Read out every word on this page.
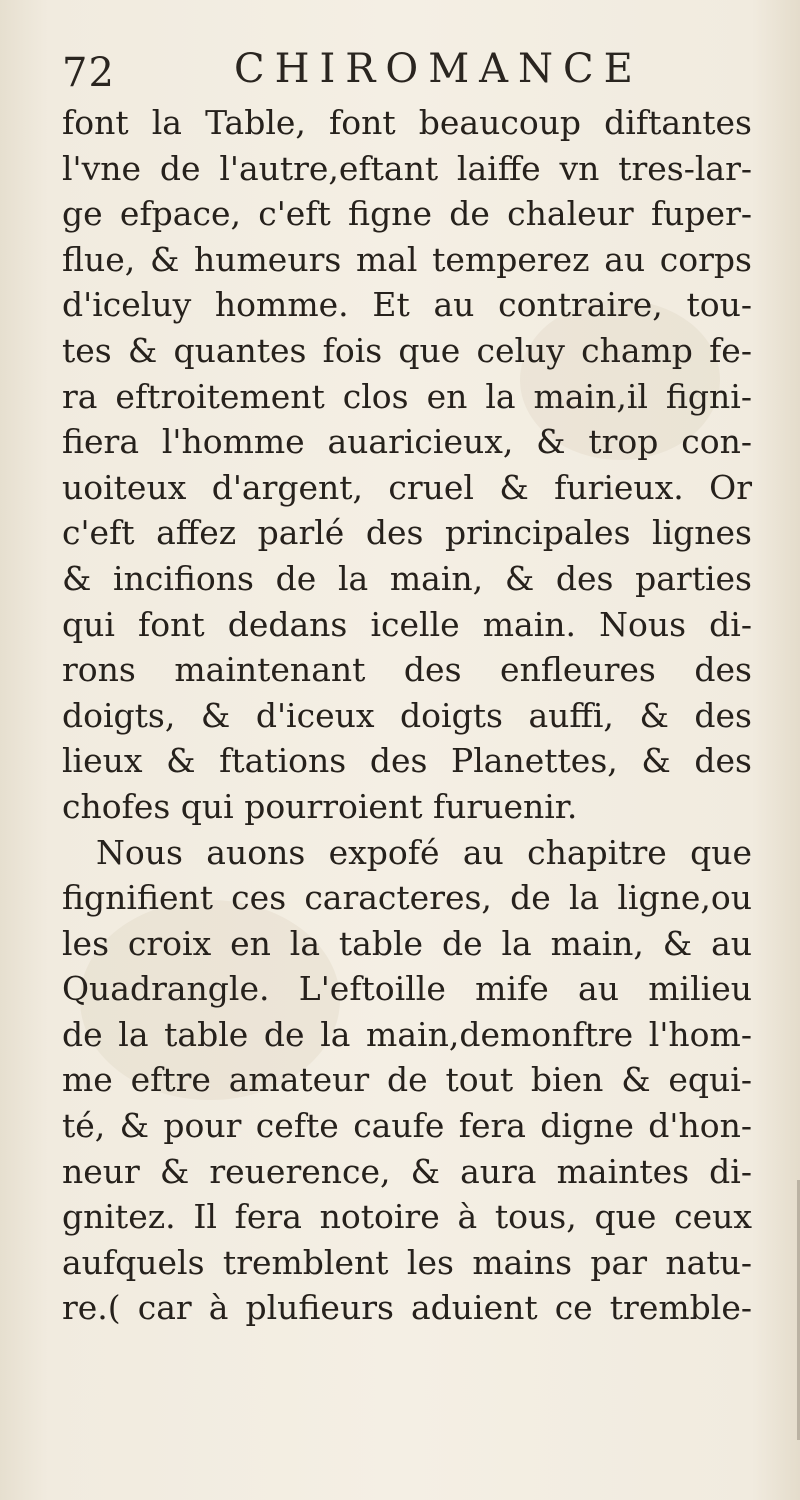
72	CHIROMANCE
font la Table, font beaucoup diftantes
l'vne de l'autre,eftant laiffe vn tres-lar-
ge efpace, c'eft figne de chaleur fuper-
flue, & humeurs mal temperez au corps
d'iceluy homme. Et au contraire, tou-
tes & quantes fois que celuy champ fe-
ra eftroitement clos en la main,il figni-
fiera l'homme auaricieux, & trop con-
uoiteux d'argent, cruel & furieux. Or
c'eft affez parlé des principales lignes
& incifions de la main, & des parties
qui font dedans icelle main. Nous di-
rons maintenant des enfleures des
doigts, & d'iceux doigts auffi, & des
lieux & ftations des Planettes, & des
chofes qui pourroient furuenir.
Nous auons expofé au chapitre que
fignifient ces caracteres, de la ligne,ou
les croix en la table de la main, & au
Quadrangle. L'eftoille mife au milieu
de la table de la main,demonftre l'hom-
me eftre amateur de tout bien & equi-
té, & pour cefte caufe fera digne d'hon-
neur & reuerence, & aura maintes di-
gnitez. Il fera notoire à tous, que ceux
aufquels tremblent les mains par natu-
re.( car à plufieurs aduient ce tremble-
